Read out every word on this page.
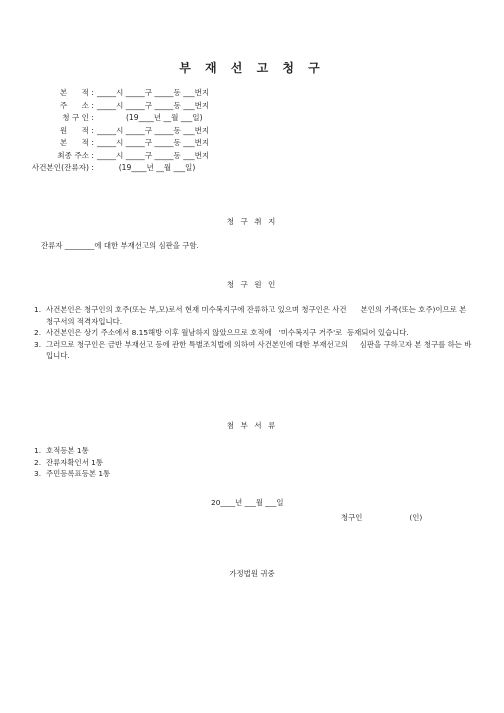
부 재 선 고 청 구
본      적 : _____시 _____구 _____동 ___번지
주      소 : _____시 _____구 _____동 ___번지
청 구 인 : (19____년 __월 ___일)
원      적 : _____시 _____구 _____동 ___번지
본      적 : _____시 _____구 _____동 ___번지
최종 주소 : _____시 _____구 _____동 ___번지
사건본인(잔류자) : (19____년 __월 ___일)
청 구 취 지
잔류자 ________에 대한 부재선고의 심판을 구함.
청 구 원 인
1. 사건본인은 청구인의 호주(또는 부,모)로서 현재 미수복지구에 잔류하고 있으며 청구인은 사건      본인의 가족(또는 호주)이므로 본 청구서의 적격자입니다.
2. 사건본인은 상기 주소에서 8.15해방 이후 월남하지 않았으므로 호적에   '미수복지구 거주'로  등재되어 있습니다.
3. 그러므로 청구인은 금반 부재선고 등에 관한 특별조치법에 의하여 사건본인에 대한 부재선고의     심판을 구하고자 본 청구를 하는 바입니다.
첨 부 서 류
1. 호적등본 1통
2. 잔류자확인서 1통
3. 주민등록표등본 1통
20____년 ___월 ___일
청구인                    (인)
가정법원 귀중
